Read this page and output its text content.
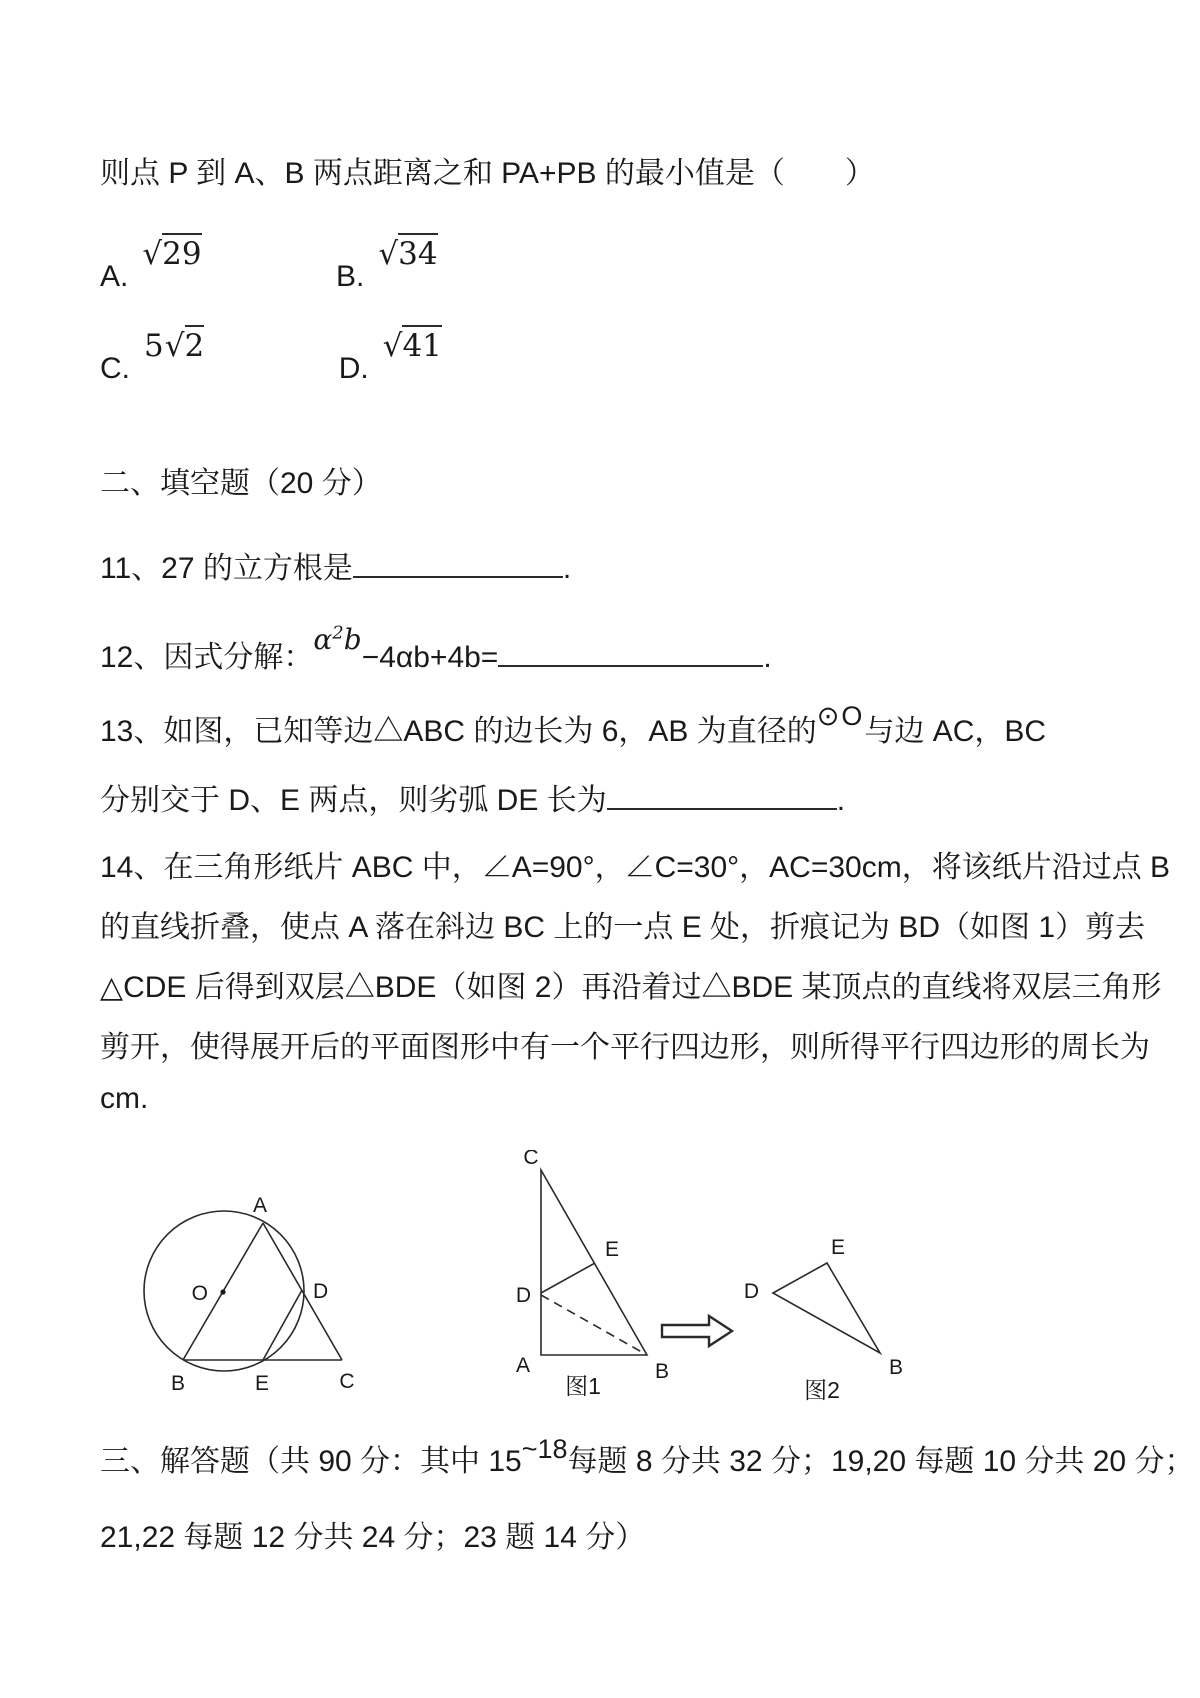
则点 P 到 A、B 两点距离之和 PA+PB 的最小值是（　　）
A.√29 B.√34
C.5√2 D.√41
二、填空题（20 分）
11、27 的立方根是	.
12、因式分解：$\alpha^2b-4\alpha b+4b=$	.
13、如图，已知等边△ABC 的边长为 6，AB 为直径的⊙O与边 AC，BC
分别交于 D、E 两点，则劣弧 DE 长为	.
14、在三角形纸片 ABC 中，∠A=90°，∠C=30°，AC=30cm，将该纸片沿过点 B
的直线折叠，使点 A 落在斜边 BC 上的一点 E 处，折痕记为 BD（如图 1）剪去
△CDE 后得到双层△BDE（如图 2）再沿着过△BDE 某顶点的直线将双层三角形
剪开，使得展开后的平面图形中有一个平行四边形，则所得平行四边形的周长为
cm.
A
O	D
B	E	C
C
E
D
A	B
图1
D
E
B
图2
三、解答题（共 90 分：其中 15~18每题 8 分共 32 分；19,20 每题 10 分共 20 分；
21,22 每题 12 分共 24 分；23 题 14 分）
